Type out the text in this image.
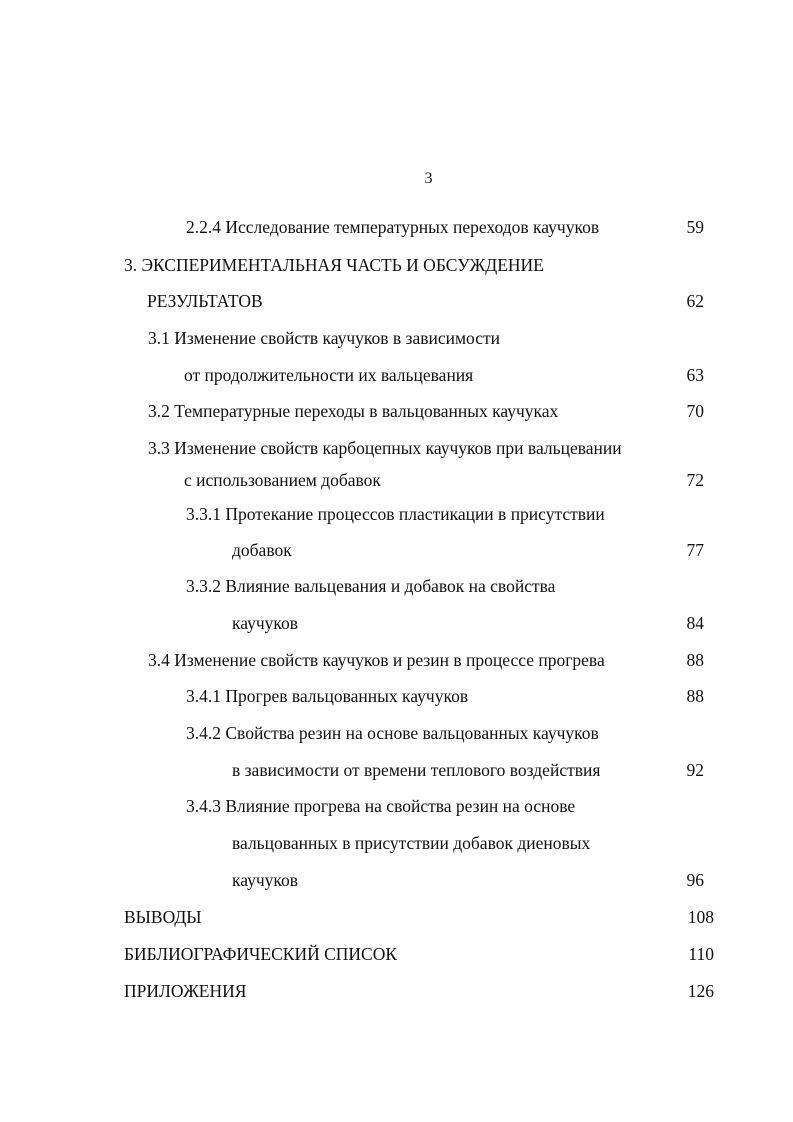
3
2.2.4 Исследование температурных переходов каучуков	59
3. ЭКСПЕРИМЕНТАЛЬНАЯ ЧАСТЬ И ОБСУЖДЕНИЕ
РЕЗУЛЬТАТОВ	62
3.1 Изменение свойств каучуков в зависимости
от продолжительности их вальцевания	63
3.2 Температурные переходы в вальцованных каучуках	70
3.3 Изменение свойств карбоцепных каучуков при вальцевании
с использованием добавок	72
3.3.1 Протекание процессов пластикации в присутствии
добавок	77
3.3.2 Влияние вальцевания и добавок на свойства
каучуков	84
3.4 Изменение свойств каучуков и резин в процессе прогрева	88
3.4.1 Прогрев вальцованных каучуков	88
3.4.2 Свойства резин на основе вальцованных каучуков
в зависимости от времени теплового воздействия	92
3.4.3 Влияние прогрева на свойства резин на основе
вальцованных в присутствии добавок диеновых
каучуков	96
ВЫВОДЫ	108
БИБЛИОГРАФИЧЕСКИЙ СПИСОК	110
ПРИЛОЖЕНИЯ	126
